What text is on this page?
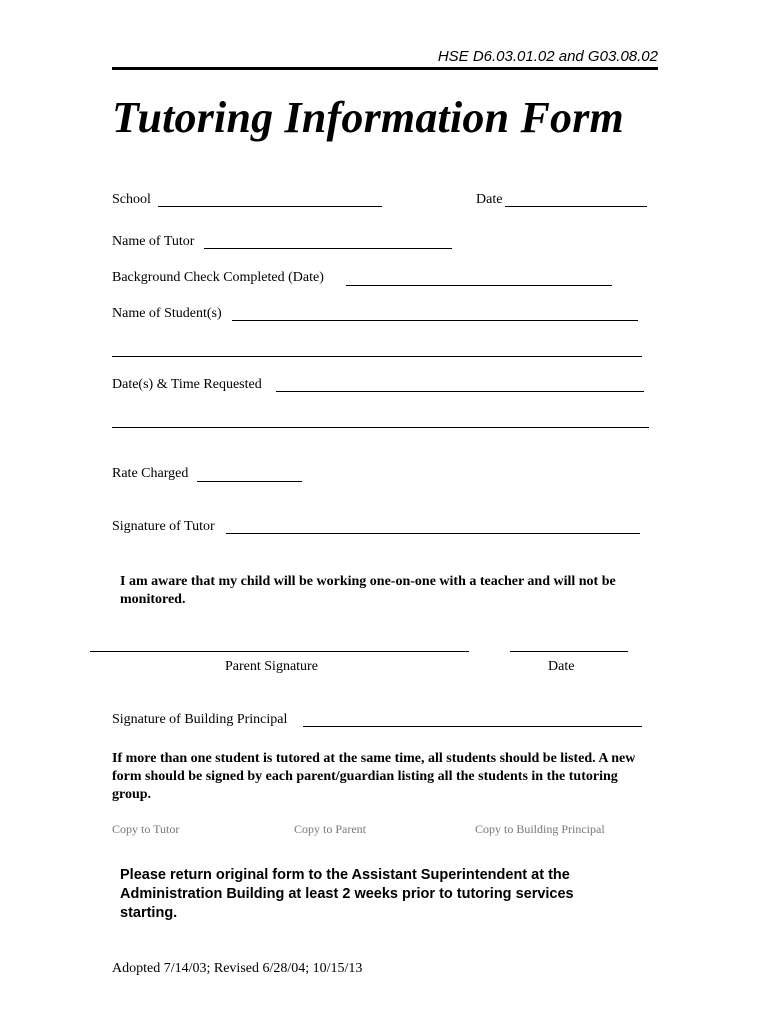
HSE D6.03.01.02 and G03.08.02
Tutoring Information Form
School	Date
Name of Tutor
Background Check Completed (Date)
Name of Student(s)
Date(s) & Time Requested
Rate Charged
Signature of Tutor
I am aware that my child will be working one-on-one with a teacher and will not be monitored.
Parent Signature	Date
Signature of Building Principal
If more than one student is tutored at the same time, all students should be listed. A new form should be signed by each parent/guardian listing all the students in the tutoring group.
Copy to Tutor	Copy to Parent	Copy to Building Principal
Please return original form to the Assistant Superintendent at the Administration Building at least 2 weeks prior to tutoring services starting.
Adopted 7/14/03; Revised 6/28/04; 10/15/13
